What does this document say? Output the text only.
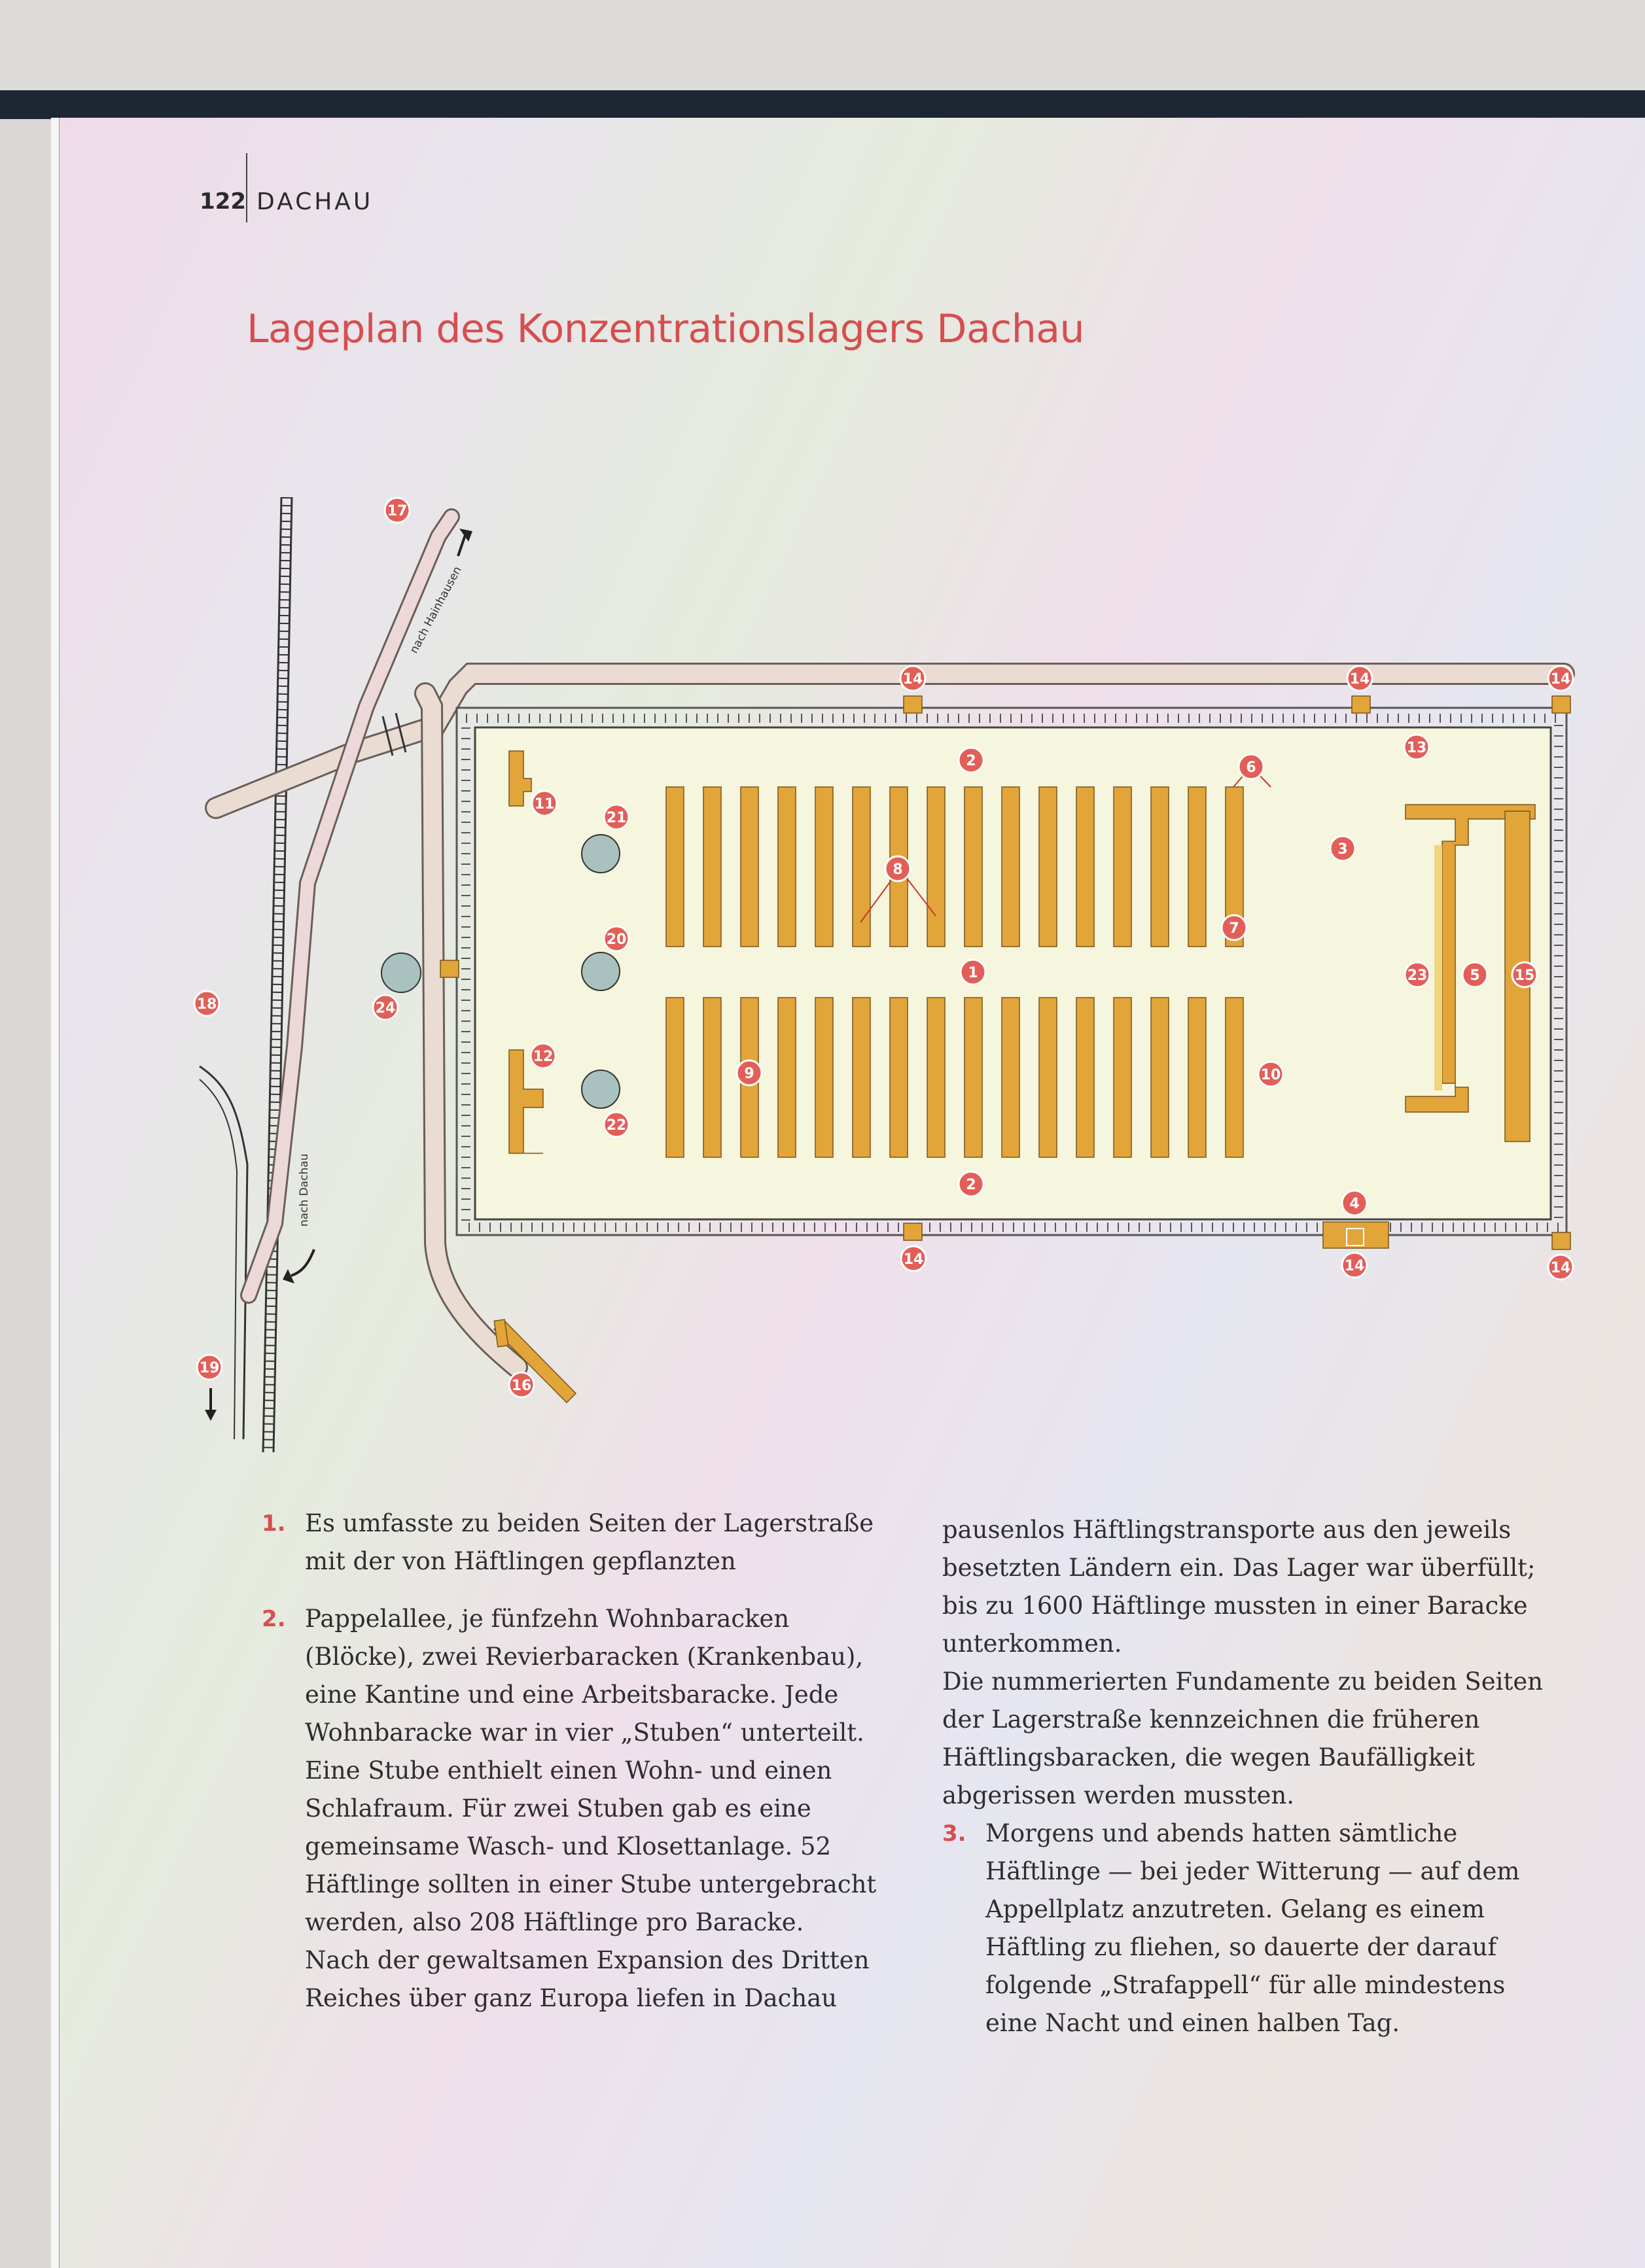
122 DACHAU
Lageplan des Konzentrationslagers Dachau
nach Hainhausen
nach Dachau
1
2
2
3
4
5
6
7
8
9	10
11
12
13
14	14	14
14	14	14
15
16
17
18
19
20
21
22
23
24
1. Es umfasste zu beiden Seiten der Lagerstraße mit der von Häftlingen gepflanzten

2. Pappelallee, je fünfzehn Wohnbaracken (Blöcke), zwei Revierbaracken (Krankenbau), eine Kantine und eine Arbeitsbaracke. Jede Wohnbaracke war in vier „Stuben“ unterteilt. Eine Stube enthielt einen Wohn- und einen Schlafraum. Für zwei Stuben gab es eine gemeinsame Wasch- und Klosettanlage. 52 Häftlinge sollten in einer Stube untergebracht werden, also 208 Häftlinge pro Baracke.

Nach der gewaltsamen Expansion des Dritten Reiches über ganz Europa liefen in Dachau

pausenlos Häftlingstransporte aus den jeweils besetzten Ländern ein. Das Lager war überfüllt; bis zu 1600 Häftlinge mussten in einer Baracke unterkommen.

Die nummerierten Fundamente zu beiden Seiten der Lagerstraße kennzeichnen die früheren Häftlingsbaracken, die wegen Baufälligkeit abgerissen werden mussten.

3. Morgens und abends hatten sämtliche Häftlinge — bei jeder Witterung — auf dem Appellplatz anzutreten. Gelang es einem Häftling zu fliehen, so dauerte der darauf folgende „Strafappell“ für alle mindestens eine Nacht und einen halben Tag.
